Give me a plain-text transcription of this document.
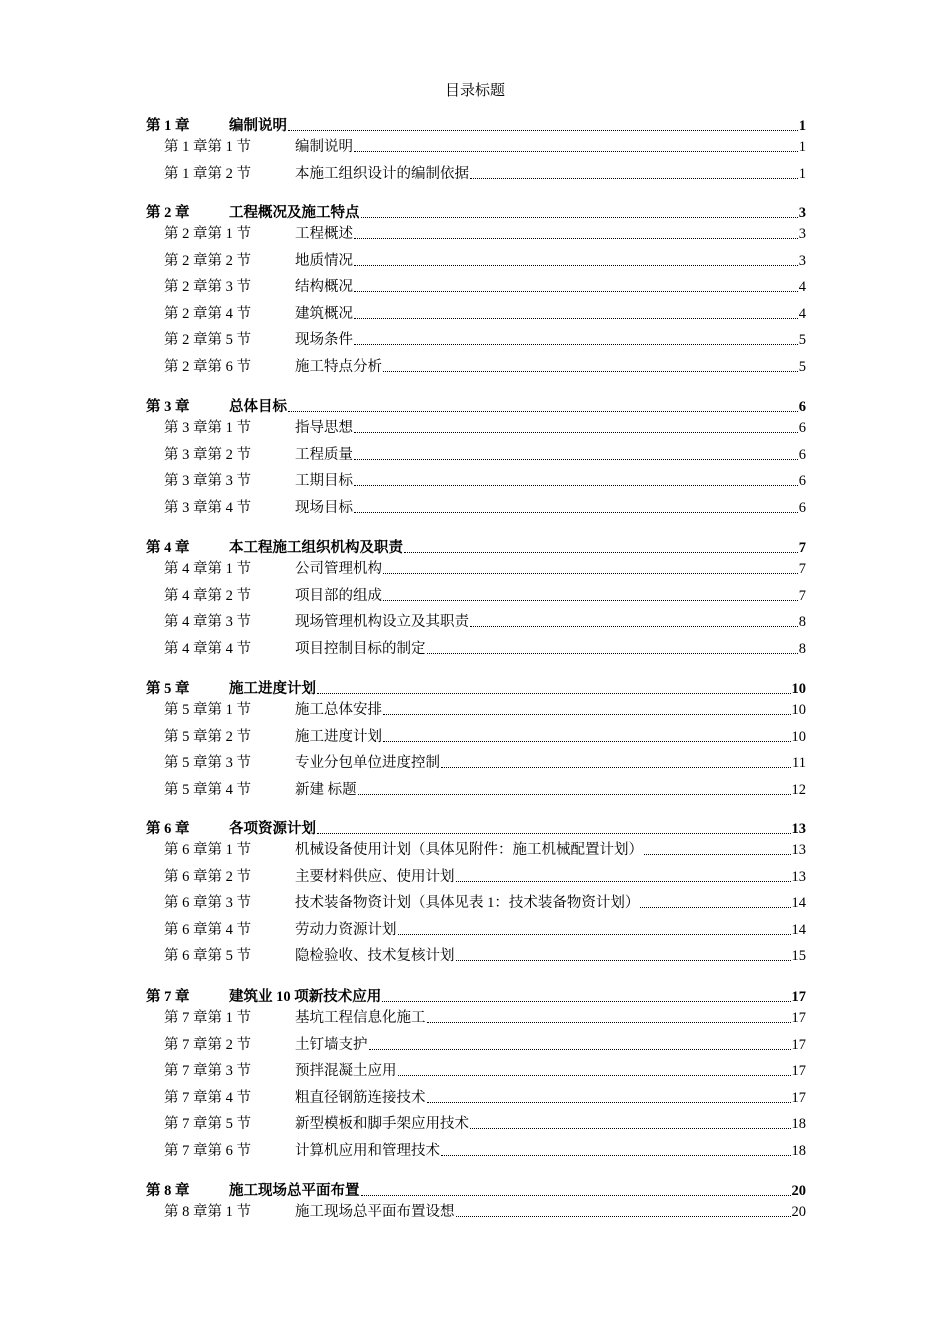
目录标题
第 1 章	编制说明	1
第 1 章第 1 节	编制说明	1
第 1 章第 2 节	本施工组织设计的编制依据	1
第 2 章	工程概况及施工特点	3
第 2 章第 1 节	工程概述	3
第 2 章第 2 节	地质情况	3
第 2 章第 3 节	结构概况	4
第 2 章第 4 节	建筑概况	4
第 2 章第 5 节	现场条件	5
第 2 章第 6 节	施工特点分析	5
第 3 章	总体目标	6
第 3 章第 1 节	指导思想	6
第 3 章第 2 节	工程质量	6
第 3 章第 3 节	工期目标	6
第 3 章第 4 节	现场目标	6
第 4 章	本工程施工组织机构及职责	7
第 4 章第 1 节	公司管理机构	7
第 4 章第 2 节	项目部的组成	7
第 4 章第 3 节	现场管理机构设立及其职责	8
第 4 章第 4 节	项目控制目标的制定	8
第 5 章	施工进度计划	10
第 5 章第 1 节	施工总体安排	10
第 5 章第 2 节	施工进度计划	10
第 5 章第 3 节	专业分包单位进度控制	11
第 5 章第 4 节	新建 标题	12
第 6 章	各项资源计划	13
第 6 章第 1 节	机械设备使用计划（具体见附件：施工机械配置计划）	13
第 6 章第 2 节	主要材料供应、使用计划	13
第 6 章第 3 节	技术装备物资计划（具体见表 1：技术装备物资计划）	14
第 6 章第 4 节	劳动力资源计划	14
第 6 章第 5 节	隐检验收、技术复核计划	15
第 7 章	建筑业 10 项新技术应用	17
第 7 章第 1 节	基坑工程信息化施工	17
第 7 章第 2 节	土钉墙支护	17
第 7 章第 3 节	预拌混凝土应用	17
第 7 章第 4 节	粗直径钢筋连接技术	17
第 7 章第 5 节	新型模板和脚手架应用技术	18
第 7 章第 6 节	计算机应用和管理技术	18
第 8 章	施工现场总平面布置	20
第 8 章第 1 节	施工现场总平面布置设想	20
